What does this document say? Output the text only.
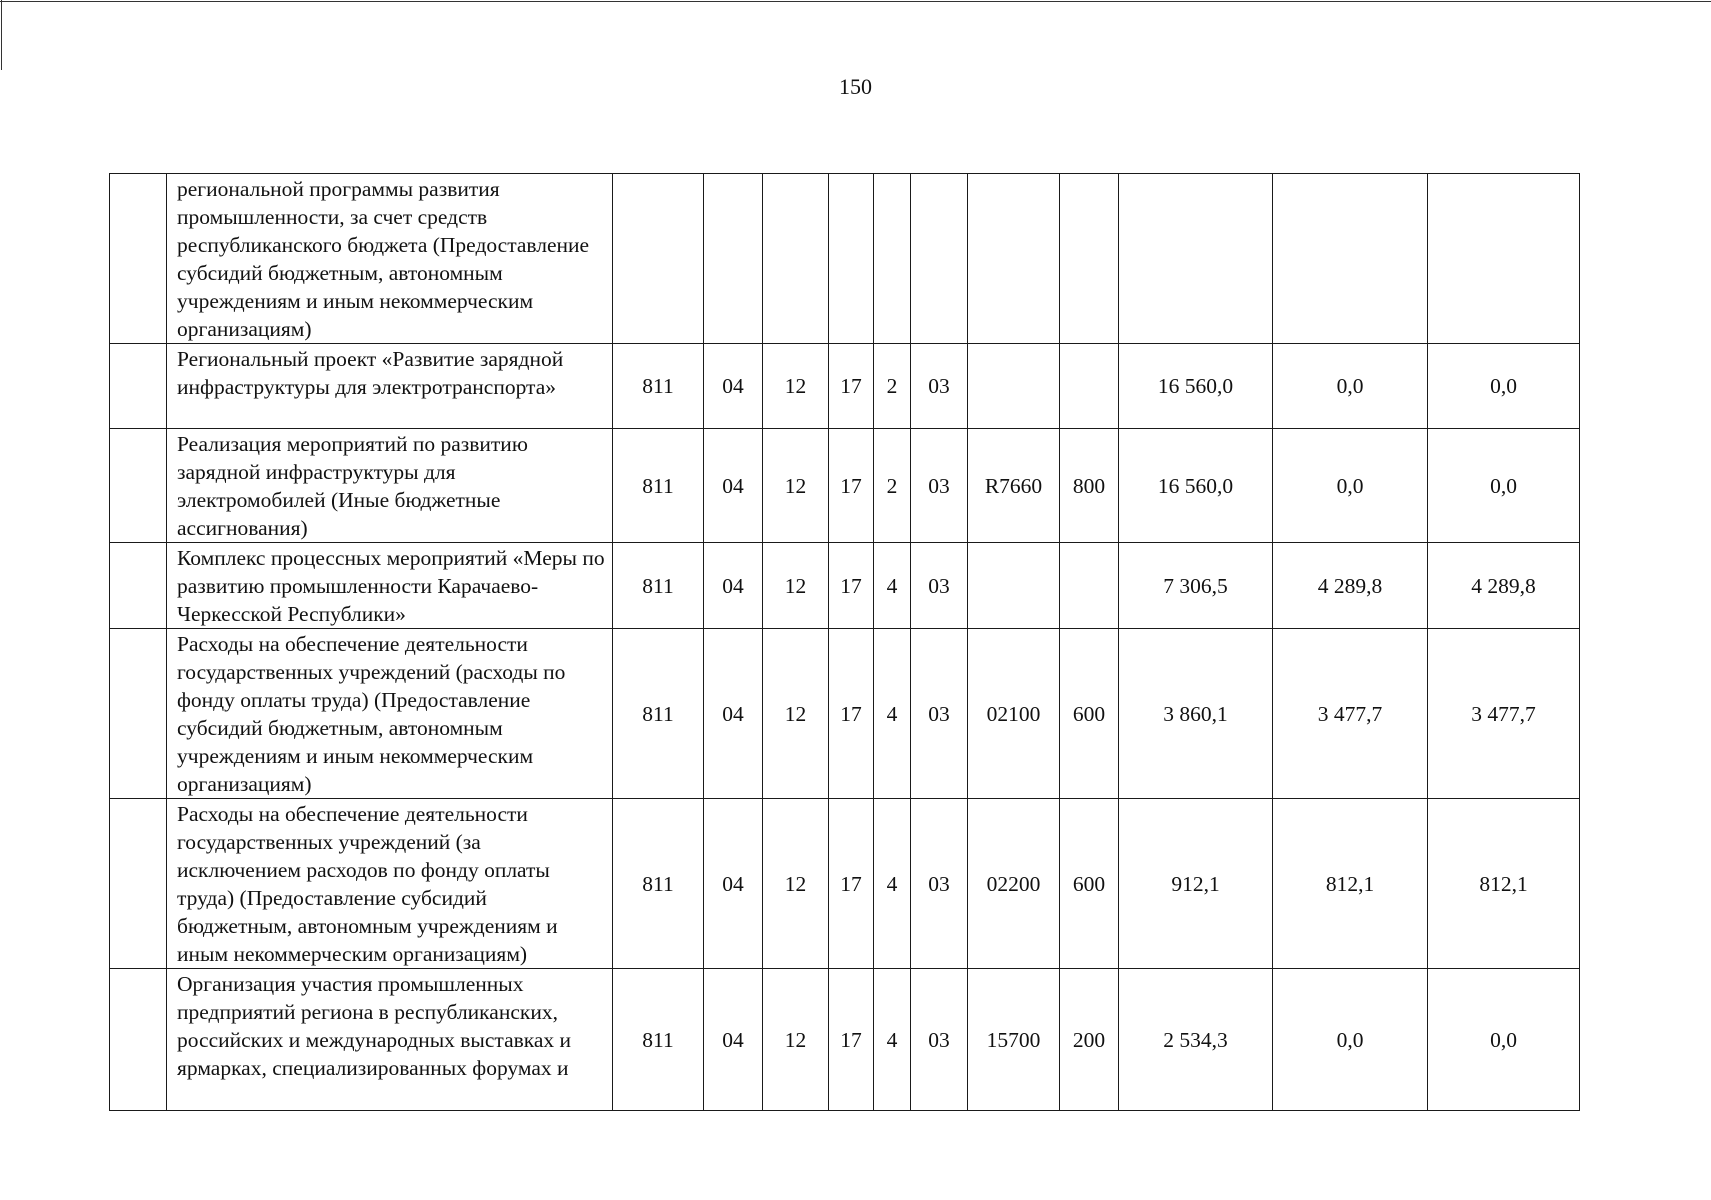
150
	региональной программы развития промышленности, за счет средств республиканского бюджета (Предоставление субсидий бюджетным, автономным учреждениям и иным некоммерческим организациям)											
	Региональный проект «Развитие зарядной инфраструктуры для электротранспорта»	811	04	12	17	2	03			16 560,0	0,0	0,0
	Реализация мероприятий по развитию зарядной инфраструктуры для электромобилей (Иные бюджетные ассигнования)	811	04	12	17	2	03	R7660	800	16 560,0	0,0	0,0
	Комплекс процессных мероприятий «Меры по развитию промышленности Карачаево-Черкесской Республики»	811	04	12	17	4	03			7 306,5	4 289,8	4 289,8
	Расходы на обеспечение деятельности государственных учреждений (расходы по фонду оплаты труда) (Предоставление субсидий бюджетным, автономным учреждениям и иным некоммерческим организациям)	811	04	12	17	4	03	02100	600	3 860,1	3 477,7	3 477,7
	Расходы на обеспечение деятельности государственных учреждений (за исключением расходов по фонду оплаты труда) (Предоставление субсидий бюджетным, автономным учреждениям и иным некоммерческим организациям)	811	04	12	17	4	03	02200	600	912,1	812,1	812,1
	Организация участия промышленных предприятий региона в республиканских, российских и международных выставках и ярмарках, специализированных форумах и	811	04	12	17	4	03	15700	200	2 534,3	0,0	0,0
